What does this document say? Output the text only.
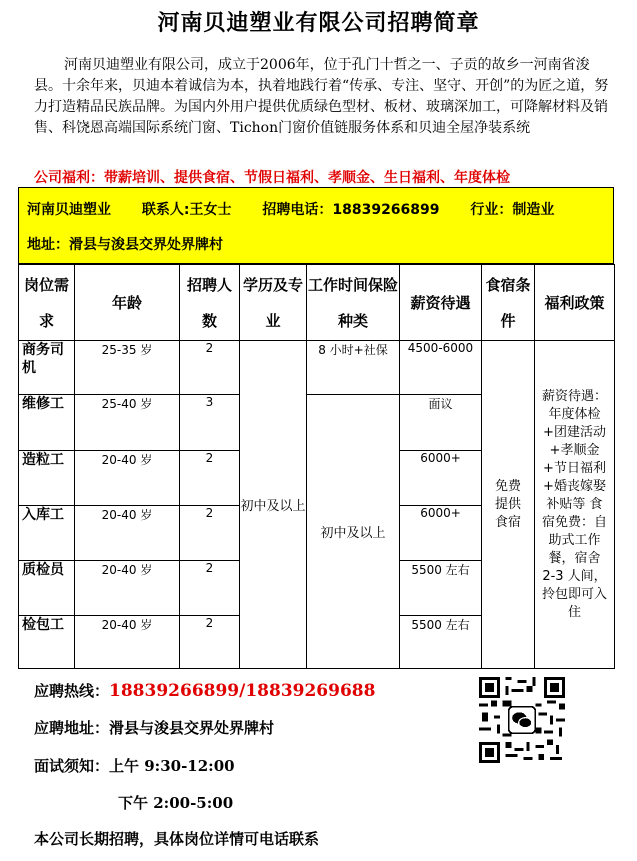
河南贝迪塑业有限公司招聘简章
河南贝迪塑业有限公司，成立于2006年，位于孔门十哲之一、子贡的故乡一河南省浚县。十余年来，贝迪本着诚信为本，执着地践行着“传承、专注、坚守、开创”的为匠之道，努力打造精品民族品牌。为国内外用户提供优质绿色型材、板材、玻璃深加工，可降解材料及销售、科饶恩高端国际系统门窗、Tichon门窗价值链服务体系和贝迪全屋净装系统
公司福利：带薪培训、提供食宿、节假日福利、孝顺金、生日福利、年度体检
河南贝迪塑业 联系人:王女士 招聘电话：18839266899 行业：制造业
地址：滑县与浚县交界处界牌村
岗位需求	年龄	招聘人数	学历及专业	工作时间保险种类	薪资待遇	食宿条件	福利政策
商务司机	25-35 岁	2	初中及以上	8 小时+社保	4500-6000	免费提供食宿	薪资待遇：年度体检+团建活动+孝顺金+节日福利+婚丧嫁娶补贴等 食宿免费：自助式工作餐，宿舍 2-3 人间，拎包即可入住
维修工	25-40 岁	3		初中及以上	面议		
造粒工	20-40 岁	2			6000+		
入库工	20-40 岁	2			6000+		
质检员	20-40 岁	2			5500 左右		
检包工	20-40 岁	2			5500 左右		
应聘热线：18839266899/18839269688
应聘地址：滑县与浚县交界处界牌村
面试须知：上午 9:30-12:00
下午 2:00-5:00
本公司长期招聘，具体岗位详情可电话联系
